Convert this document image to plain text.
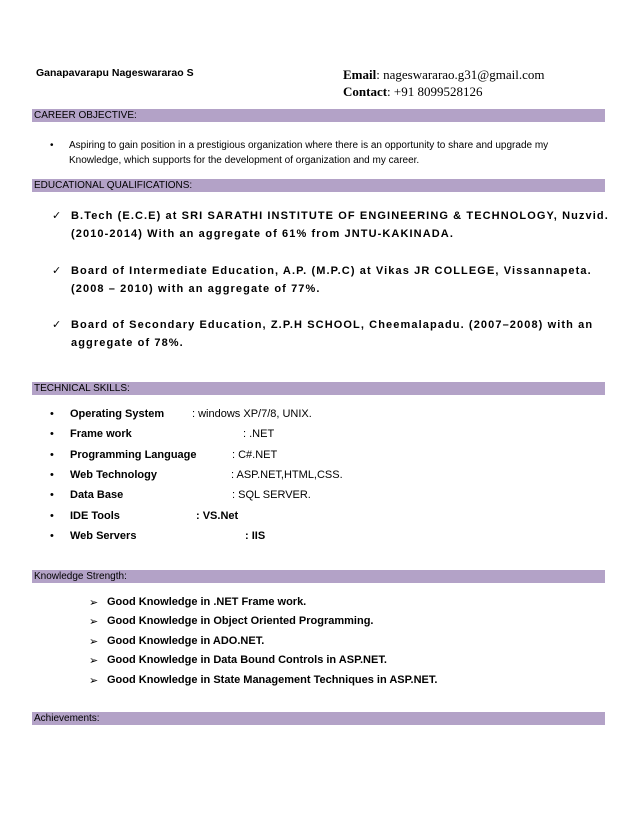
Ganapavarapu Nageswararao S	Email: nageswararao.g31@gmail.com
Contact: +91 8099528126
CAREER OBJECTIVE:
• Aspiring to gain position in a prestigious organization where there is an opportunity to share and upgrade my Knowledge, which supports for the development of organization and my career.
EDUCATIONAL QUALIFICATIONS:
✓ B.Tech (E.C.E) at SRI SARATHI INSTITUTE OF ENGINEERING & TECHNOLOGY, Nuzvid. (2010-2014) With an aggregate of 61% from JNTU-KAKINADA.
✓ Board of Intermediate Education, A.P. (M.P.C) at Vikas JR COLLEGE, Vissannapeta. (2008 – 2010) with an aggregate of 77%.
✓ Board of Secondary Education, Z.P.H SCHOOL, Cheemalapadu. (2007–2008) with an aggregate of 78%.
TECHNICAL SKILLS:
• Operating System	: windows XP/7/8, UNIX.
• Frame work	: .NET
• Programming Language	: C#.NET
• Web Technology	: ASP.NET,HTML,CSS.
• Data Base	: SQL SERVER.
• IDE Tools	: VS.Net
• Web Servers	: IIS
Knowledge Strength:
➢ Good Knowledge in .NET Frame work.
➢ Good Knowledge in Object Oriented Programming.
➢ Good Knowledge in ADO.NET.
➢ Good Knowledge in Data Bound Controls in ASP.NET.
➢ Good Knowledge in State Management Techniques in ASP.NET.
Achievements:
